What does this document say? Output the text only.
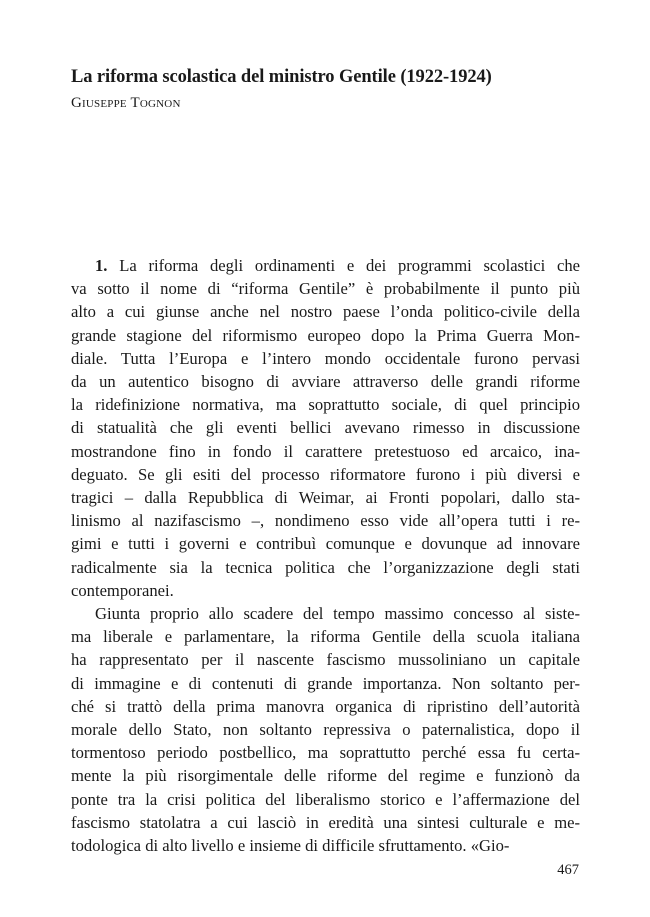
La riforma scolastica del ministro Gentile (1922-1924)

Giuseppe Tognon

1. La riforma degli ordinamenti e dei programmi scolastici che
va sotto il nome di “riforma Gentile” è probabilmente il punto più
alto a cui giunse anche nel nostro paese l’onda politico-civile della
grande stagione del riformismo europeo dopo la Prima Guerra Mon-
diale. Tutta l’Europa e l’intero mondo occidentale furono pervasi
da un autentico bisogno di avviare attraverso delle grandi riforme
la ridefinizione normativa, ma soprattutto sociale, di quel principio
di statualità che gli eventi bellici avevano rimesso in discussione
mostrandone fino in fondo il carattere pretestuoso ed arcaico, ina-
deguato. Se gli esiti del processo riformatore furono i più diversi e
tragici – dalla Repubblica di Weimar, ai Fronti popolari, dallo sta-
linismo al nazifascismo –, nondimeno esso vide all’opera tutti i re-
gimi e tutti i governi e contribuì comunque e dovunque ad innovare
radicalmente sia la tecnica politica che l’organizzazione degli stati
contemporanei.
Giunta proprio allo scadere del tempo massimo concesso al siste-
ma liberale e parlamentare, la riforma Gentile della scuola italiana
ha rappresentato per il nascente fascismo mussoliniano un capitale
di immagine e di contenuti di grande importanza. Non soltanto per-
ché si trattò della prima manovra organica di ripristino dell’autorità
morale dello Stato, non soltanto repressiva o paternalistica, dopo il
tormentoso periodo postbellico, ma soprattutto perché essa fu certa-
mente la più risorgimentale delle riforme del regime e funzionò da
ponte tra la crisi politica del liberalismo storico e l’affermazione del
fascismo statolatra a cui lasciò in eredità una sintesi culturale e me-
todologica di alto livello e insieme di difficile sfruttamento. «Gio-

467
